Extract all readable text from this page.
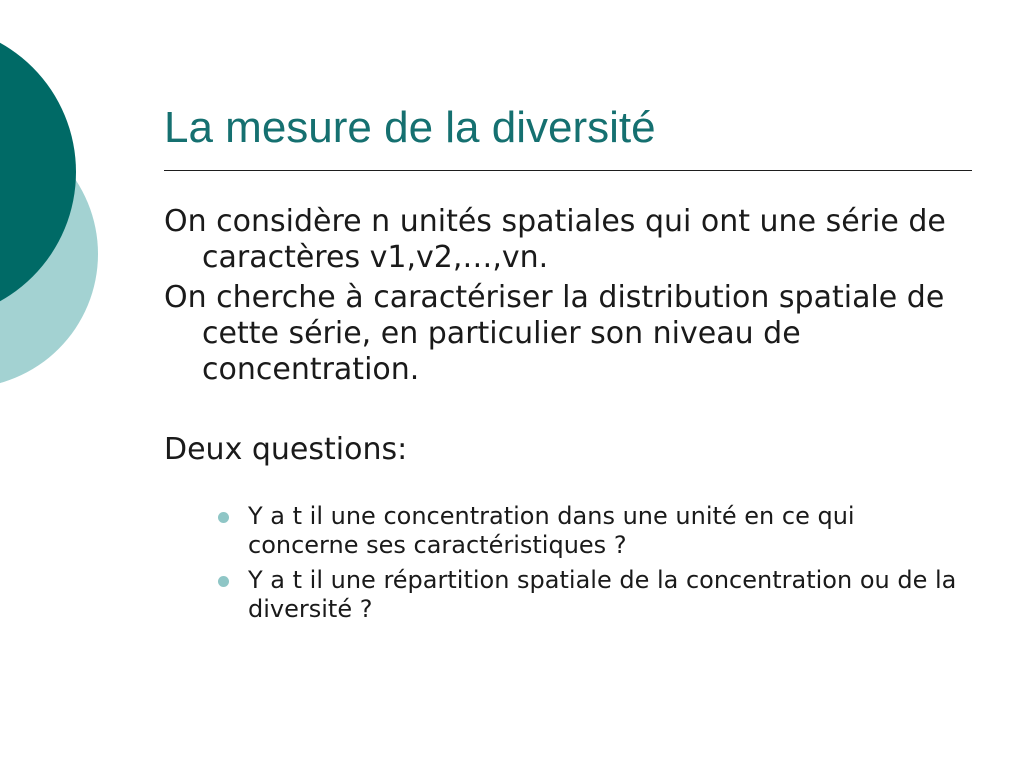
La mesure de la diversité

On considère n unités spatiales qui ont une série de caractères v1,v2,…,vn.

On cherche à caractériser la distribution spatiale de cette série, en particulier son niveau de concentration.

Deux questions:

Y a t il une concentration dans une unité en ce qui concerne ses caractéristiques ?
Y a t il une répartition spatiale de la concentration ou de la diversité ?
